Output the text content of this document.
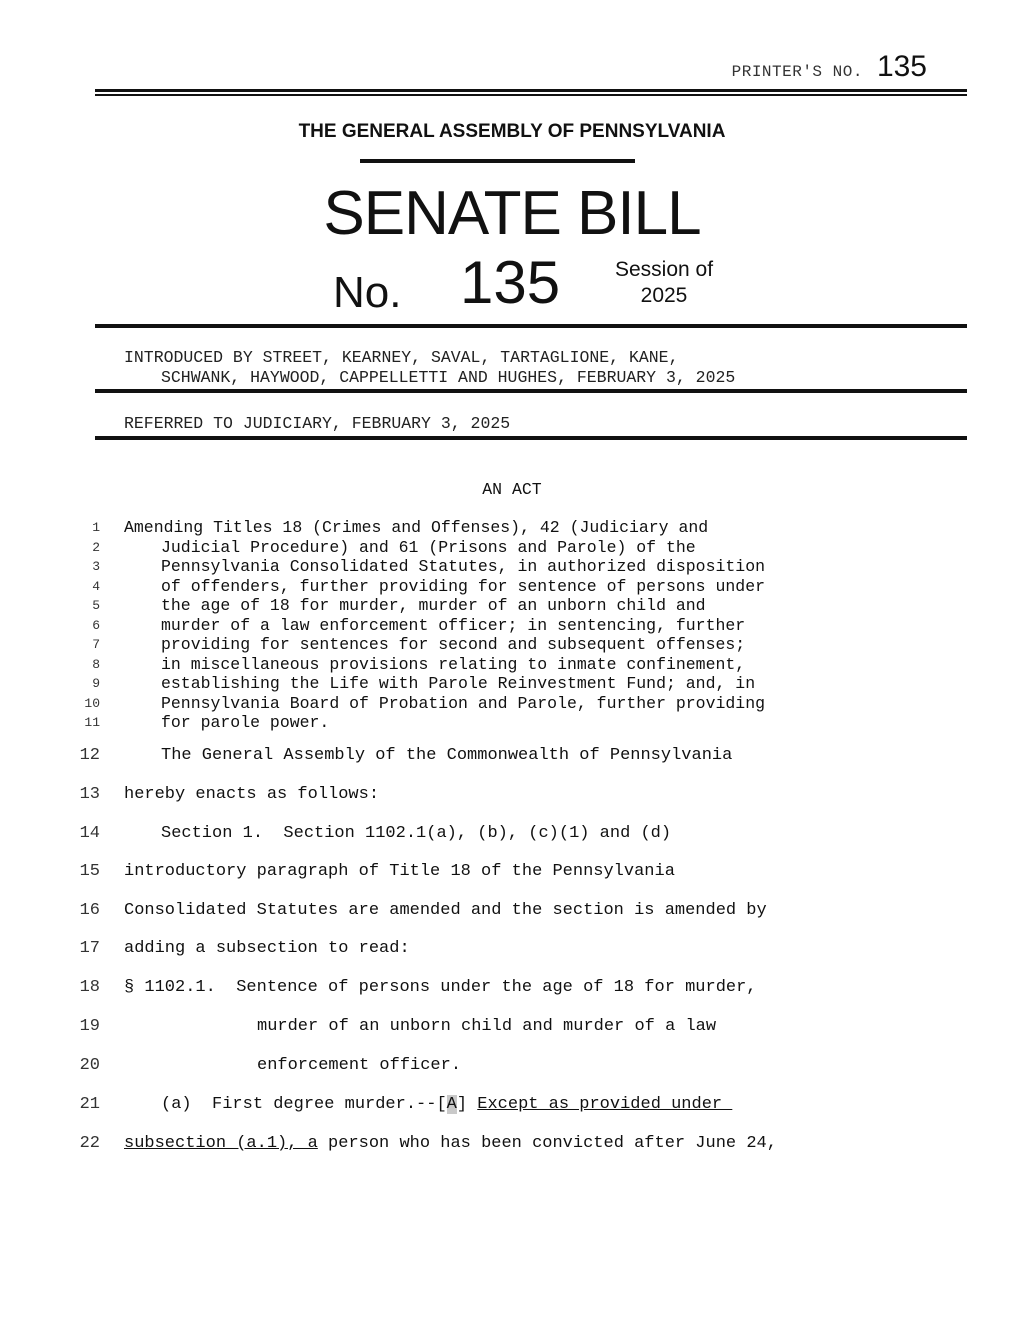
PRINTER'S NO. 135
THE GENERAL ASSEMBLY OF PENNSYLVANIA
SENATE BILL
No. 135	Session of
2025
INTRODUCED BY STREET, KEARNEY, SAVAL, TARTAGLIONE, KANE,
SCHWANK, HAYWOOD, CAPPELLETTI AND HUGHES, FEBRUARY 3, 2025
REFERRED TO JUDICIARY, FEBRUARY 3, 2025
AN ACT
1 Amending Titles 18 (Crimes and Offenses), 42 (Judiciary and
2	Judicial Procedure) and 61 (Prisons and Parole) of the
3	Pennsylvania Consolidated Statutes, in authorized disposition
4	of offenders, further providing for sentence of persons under
5	the age of 18 for murder, murder of an unborn child and
6	murder of a law enforcement officer; in sentencing, further
7	providing for sentences for second and subsequent offenses;
8	in miscellaneous provisions relating to inmate confinement,
9	establishing the Life with Parole Reinvestment Fund; and, in
10	Pennsylvania Board of Probation and Parole, further providing
11	for parole power.
12	The General Assembly of the Commonwealth of Pennsylvania
13 hereby enacts as follows:
14	Section 1.  Section 1102.1(a), (b), (c)(1) and (d)
15 introductory paragraph of Title 18 of the Pennsylvania
16 Consolidated Statutes are amended and the section is amended by
17 adding a subsection to read:
18 § 1102.1.  Sentence of persons under the age of 18 for murder,
19	murder of an unborn child and murder of a law
20	enforcement officer.
21	(a)  First degree murder.--[A] Except as provided under
22 subsection (a.1), a person who has been convicted after June 24,
